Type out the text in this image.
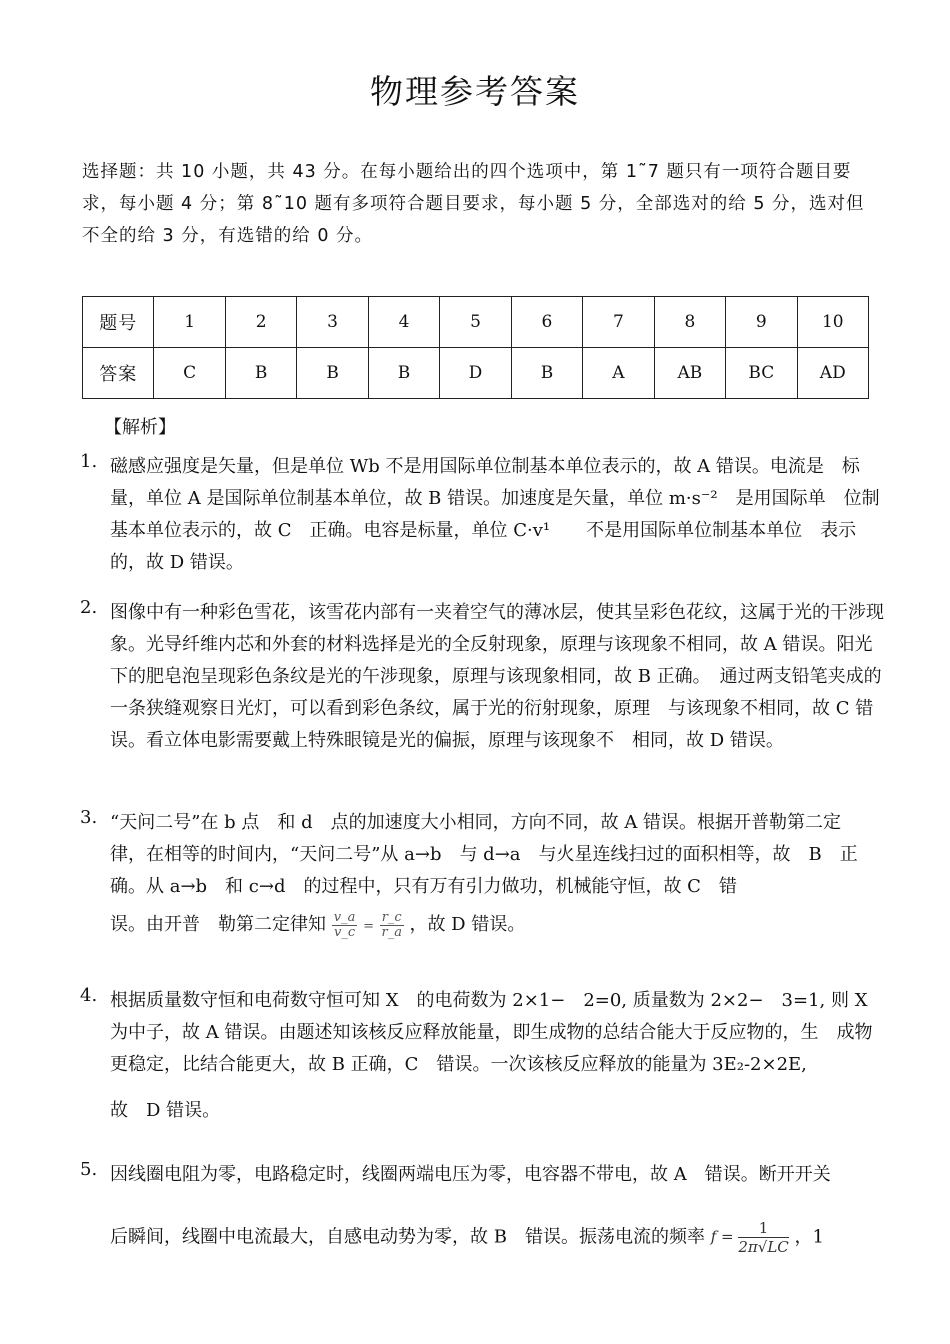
物理参考答案
选择题：共 10 小题，共 43 分。在每小题给出的四个选项中，第 1˜7 题只有一项符合题目要　求，每小题 4 分；第 8˜10 题有多项符合题目要求，每小题 5 分，全部选对的给 5 分，选对但　不全的给 3 分，有选错的给 0 分。
题号	1	2	3	4	5	6	7	8	9	10
答案	C	B	B	B	D	B	A	AB	BC	AD
【解析】
1. 磁感应强度是矢量，但是单位 Wb 不是用国际单位制基本单位表示的，故 A 错误。电流是　标量，单位 A 是国际单位制基本单位，故 B 错误。加速度是矢量，单位 m·s⁻²　是用国际单　位制基本单位表示的，故 C　正确。电容是标量，单位 C·v¹　　不是用国际单位制基本单位　表示的，故 D 错误。

2. 图像中有一种彩色雪花，该雪花内部有一夹着空气的薄冰层，使其呈彩色花纹，这属于光的干涉现象。光导纤维内芯和外套的材料选择是光的全反射现象，原理与该现象不相同，故 A 错误。阳光下的肥皂泡呈现彩色条纹是光的午涉现象，原理与该现象相同，故 B 正确。　通过两支铅笔夹成的一条狭缝观察日光灯，可以看到彩色条纹，属于光的衍射现象，原理　与该现象不相同，故 C 错误。看立体电影需要戴上特殊眼镜是光的偏振，原理与该现象不　相同，故 D 错误。

3. “天问二号”在 b 点　和 d　点的加速度大小相同，方向不同，故 A 错误。根据开普勒第二定　律，在相等的时间内，“天问二号”从 a→b　与 d→a　与火星连线扫过的面积相等，故　B　正确。从 a→b　和 c→d　的过程中，只有万有引力做功，机械能守恒，故 C　错

误。由开普　勒第二定律知 $\frac{v\_a}{v\_c} = \frac{r\_c}{r\_a}$ ，故 D 错误。

4. 根据质量数守恒和电荷数守恒可知 X　的电荷数为 2×1−　2=0, 质量数为 2×2−　3=1, 则 X　为中子，故 A 错误。由题述知该核反应释放能量，即生成物的总结合能大于反应物的，生　成物更稳定，比结合能更大，故 B 正确，C　错误。一次该核反应释放的能量为 3E₂-2×2E,

故　D 错误。

5. 因线圈电阻为零，电路稳定时，线圈两端电压为零，电容器不带电，故 A　错误。断开开关

后瞬间，线圈中电流最大，自感电动势为零，故 B　错误。振荡电流的频率 $f = \frac{1}{2\pi√LC}$ ，1
